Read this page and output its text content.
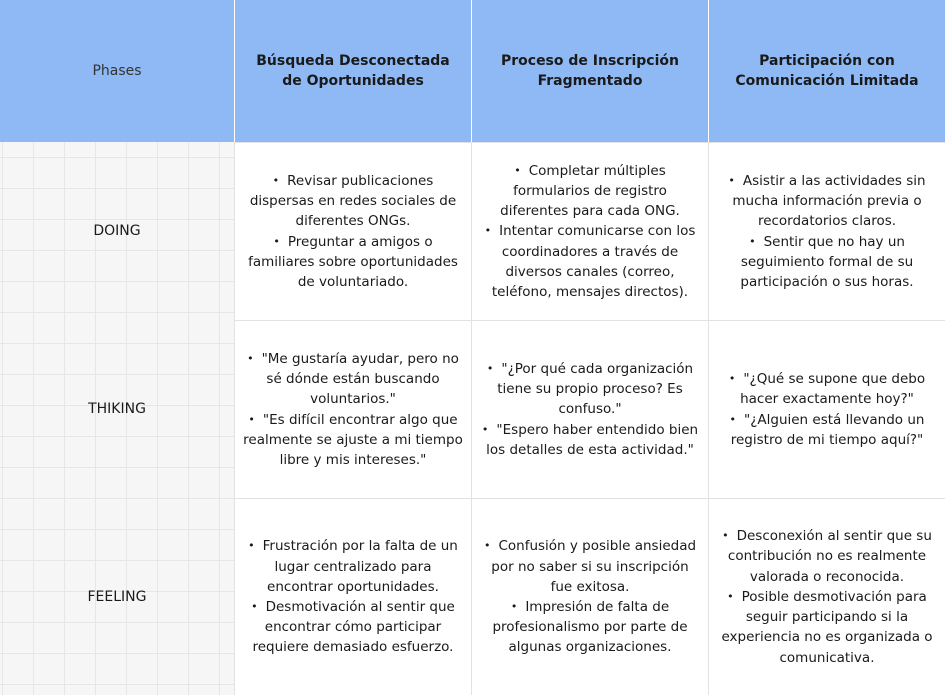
Phases
Búsqueda Desconectada de Oportunidades
Proceso de Inscripción Fragmentado
Participación con Comunicación Limitada
DOING
• Revisar publicaciones dispersas en redes sociales de diferentes ONGs.
• Preguntar a amigos o familiares sobre oportunidades de voluntariado.
• Completar múltiples formularios de registro diferentes para cada ONG.
• Intentar comunicarse con los coordinadores a través de diversos canales (correo, teléfono, mensajes directos).
• Asistir a las actividades sin mucha información previa o recordatorios claros.
• Sentir que no hay un seguimiento formal de su participación o sus horas.
THIKING
• "Me gustaría ayudar, pero no sé dónde están buscando voluntarios."
• "Es difícil encontrar algo que realmente se ajuste a mi tiempo libre y mis intereses."
• "¿Por qué cada organización tiene su propio proceso? Es confuso."
• "Espero haber entendido bien los detalles de esta actividad."
• "¿Qué se supone que debo hacer exactamente hoy?"
• "¿Alguien está llevando un registro de mi tiempo aquí?"
FEELING
• Frustración por la falta de un lugar centralizado para encontrar oportunidades.
• Desmotivación al sentir que encontrar cómo participar requiere demasiado esfuerzo.
• Confusión y posible ansiedad por no saber si su inscripción fue exitosa.
• Impresión de falta de profesionalismo por parte de algunas organizaciones.
• Desconexión al sentir que su contribución no es realmente valorada o reconocida.
• Posible desmotivación para seguir participando si la experiencia no es organizada o comunicativa.
